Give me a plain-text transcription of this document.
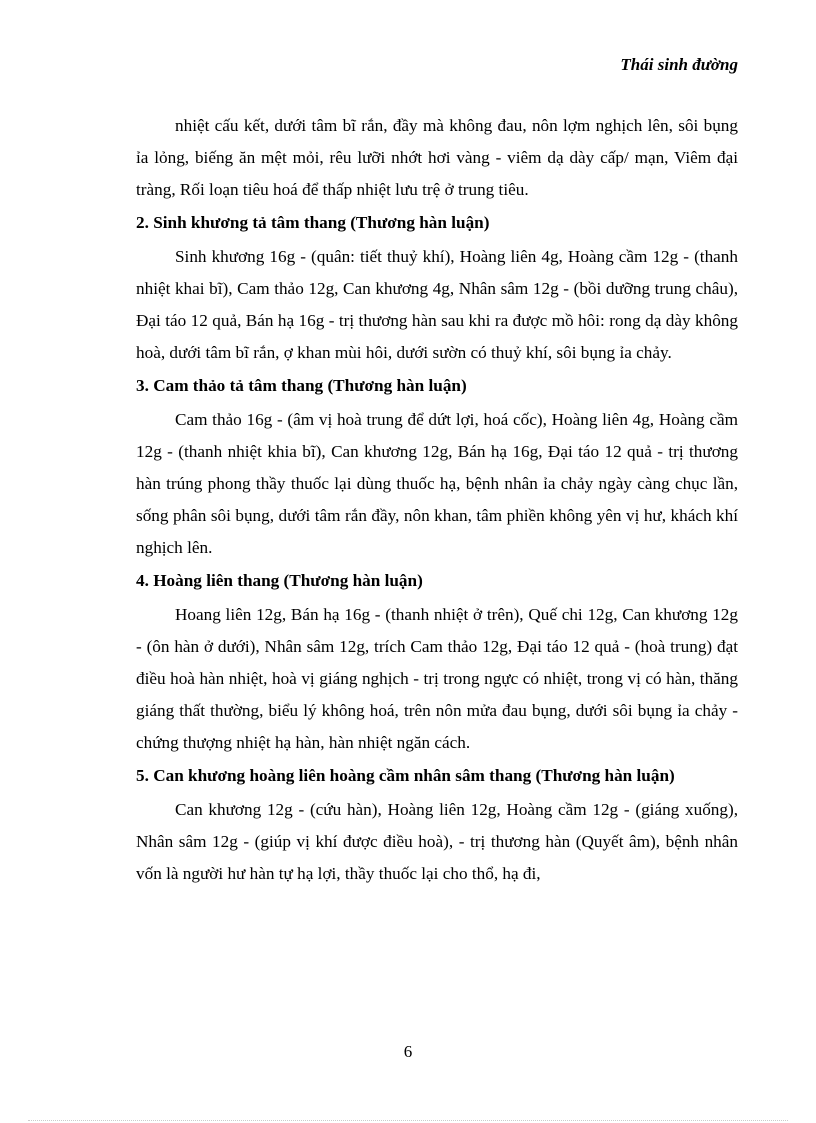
Thái sinh đường

nhiệt cấu kết, dưới tâm bĩ rắn, đầy mà không đau, nôn lợm nghịch lên, sôi bụng ỉa lỏng, biếng ăn mệt mỏi, rêu lưỡi nhớt hơi vàng - viêm dạ dày cấp/ mạn, Viêm đại tràng, Rối loạn tiêu hoá để thấp nhiệt lưu trệ ở trung tiêu.

2. Sinh khương tả tâm thang (Thương hàn luận)

Sinh khương 16g - (quân: tiết thuỷ khí), Hoàng liên 4g, Hoàng cầm 12g - (thanh nhiệt khai bĩ), Cam thảo 12g, Can khương 4g, Nhân sâm 12g - (bồi dưỡng trung châu), Đại táo 12 quả, Bán hạ 16g - trị thương hàn sau khi ra được mồ hôi: rong dạ dày không hoà, dưới tâm bĩ rắn, ợ khan mùi hôi, dưới sườn có thuỷ khí, sôi bụng ỉa chảy.

3. Cam thảo tả tâm thang (Thương hàn luận)

Cam thảo 16g - (âm vị hoà trung để dứt lợi, hoá cốc), Hoàng liên 4g, Hoàng cầm 12g - (thanh nhiệt khia bĩ), Can khương 12g, Bán hạ 16g, Đại táo 12 quả - trị thương hàn trúng phong thầy thuốc lại dùng thuốc hạ, bệnh nhân ỉa chảy ngày càng chục lần, sống phân sôi bụng, dưới tâm rắn đầy, nôn khan, tâm phiền không yên vị hư, khách khí nghịch lên.

4. Hoàng liên thang (Thương hàn luận)

Hoang liên 12g, Bán hạ 16g - (thanh nhiệt ở trên), Quế chi 12g, Can khương 12g - (ôn hàn ở dưới), Nhân sâm 12g, trích Cam thảo 12g, Đại táo 12 quả - (hoà trung) đạt điều hoà hàn nhiệt, hoà vị giáng nghịch - trị trong ngực có nhiệt, trong vị có hàn, thăng giáng thất thường, biểu lý không hoá, trên nôn mửa đau bụng, dưới sôi bụng ỉa chảy - chứng thượng nhiệt hạ hàn, hàn nhiệt ngăn cách.

5. Can khương hoàng liên hoàng cầm nhân sâm thang (Thương hàn luận)

Can khương 12g - (cứu hàn), Hoàng liên 12g, Hoàng cầm 12g - (giáng xuống), Nhân sâm 12g - (giúp vị khí được điều hoà), - trị thương hàn (Quyết âm), bệnh nhân vốn là người hư hàn tự hạ lợi, thầy thuốc lại cho thổ, hạ đi,

6
